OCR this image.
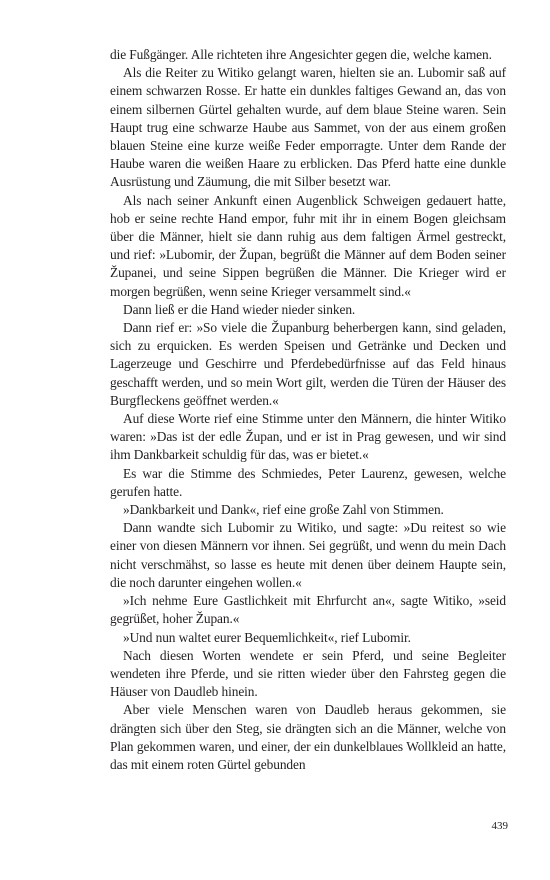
die Fußgänger. Alle richteten ihre Angesichter gegen die, welche kamen.

Als die Reiter zu Witiko gelangt waren, hielten sie an. Lubomir saß auf einem schwarzen Rosse. Er hatte ein dunkles faltiges Gewand an, das von einem silbernen Gürtel gehalten wurde, auf dem blaue Steine waren. Sein Haupt trug eine schwarze Haube aus Sammet, von der aus einem großen blauen Steine eine kurze weiße Feder emporragte. Unter dem Rande der Haube waren die weißen Haare zu erblicken. Das Pferd hatte eine dunkle Ausrüstung und Zäumung, die mit Silber besetzt war.

Als nach seiner Ankunft einen Augenblick Schweigen gedauert hatte, hob er seine rechte Hand empor, fuhr mit ihr in einem Bogen gleichsam über die Männer, hielt sie dann ruhig aus dem faltigen Ärmel gestreckt, und rief: »Lubomir, der Župan, begrüßt die Männer auf dem Boden seiner Županei, und seine Sippen begrüßen die Männer. Die Krieger wird er morgen begrüßen, wenn seine Krieger versammelt sind.«

Dann ließ er die Hand wieder nieder sinken.

Dann rief er: »So viele die Županburg beherbergen kann, sind geladen, sich zu erquicken. Es werden Speisen und Getränke und Decken und Lagerzeuge und Geschirre und Pferdebedürfnisse auf das Feld hinaus geschafft werden, und so mein Wort gilt, werden die Türen der Häuser des Burgfleckens geöffnet werden.«

Auf diese Worte rief eine Stimme unter den Männern, die hinter Witiko waren: »Das ist der edle Župan, und er ist in Prag gewesen, und wir sind ihm Dankbarkeit schuldig für das, was er bietet.«

Es war die Stimme des Schmiedes, Peter Laurenz, gewesen, welche gerufen hatte.

»Dankbarkeit und Dank«, rief eine große Zahl von Stimmen.

Dann wandte sich Lubomir zu Witiko, und sagte: »Du reitest so wie einer von diesen Männern vor ihnen. Sei gegrüßt, und wenn du mein Dach nicht verschmähst, so lasse es heute mit denen über deinem Haupte sein, die noch darunter eingehen wollen.«

»Ich nehme Eure Gastlichkeit mit Ehrfurcht an«, sagte Witiko, »seid gegrüßet, hoher Župan.«

»Und nun waltet eurer Bequemlichkeit«, rief Lubomir.

Nach diesen Worten wendete er sein Pferd, und seine Begleiter wendeten ihre Pferde, und sie ritten wieder über den Fahrsteg gegen die Häuser von Daudleb hinein.

Aber viele Menschen waren von Daudleb heraus gekommen, sie drängten sich über den Steg, sie drängten sich an die Männer, welche von Plan gekommen waren, und einer, der ein dunkelblaues Wollkleid an hatte, das mit einem roten Gürtel gebunden

439
